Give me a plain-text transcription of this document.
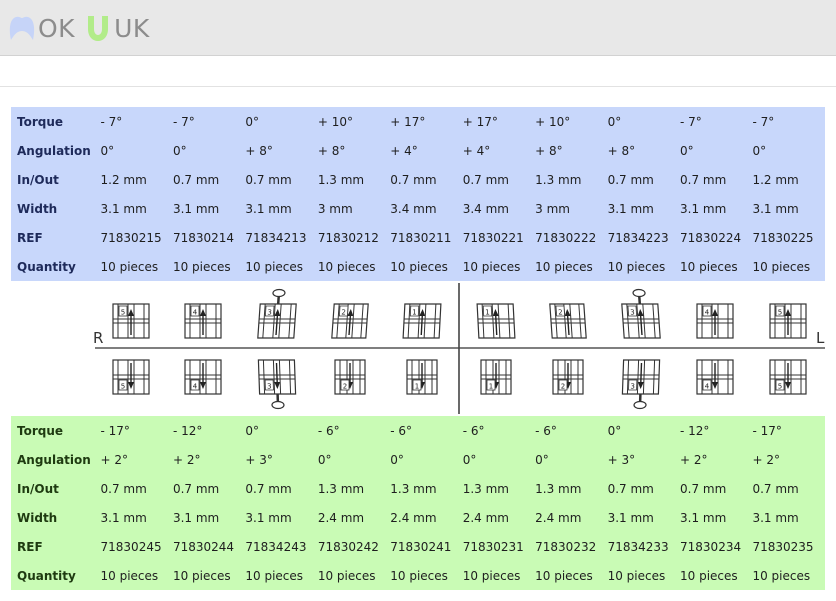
OK UK
Torque	- 7°	- 7°	0°	+ 10°	+ 17°	+ 17°	+ 10°	0°	- 7°	- 7°
Angulation	0°	0°	+ 8°	+ 8°	+ 4°	+ 4°	+ 8°	+ 8°	0°	0°
In/Out	1.2 mm	0.7 mm	0.7 mm	1.3 mm	0.7 mm	0.7 mm	1.3 mm	0.7 mm	0.7 mm	1.2 mm
Width	3.1 mm	3.1 mm	3.1 mm	3 mm	3.4 mm	3.4 mm	3 mm	3.1 mm	3.1 mm	3.1 mm
REF	71830215	71830214	71834213	71830212	71830211	71830221	71830222	71834223	71830224	71830225
Quantity	10 pieces	10 pieces	10 pieces	10 pieces	10 pieces	10 pieces	10 pieces	10 pieces	10 pieces	10 pieces
R	L
5
5
4
4
3
3
2
2
1
1
1
1
2
2
3
3
4
4
5
5
Torque	- 17°	- 12°	0°	- 6°	- 6°	- 6°	- 6°	0°	- 12°	- 17°
Angulation	+ 2°	+ 2°	+ 3°	0°	0°	0°	0°	+ 3°	+ 2°	+ 2°
In/Out	0.7 mm	0.7 mm	0.7 mm	1.3 mm	1.3 mm	1.3 mm	1.3 mm	0.7 mm	0.7 mm	0.7 mm
Width	3.1 mm	3.1 mm	3.1 mm	2.4 mm	2.4 mm	2.4 mm	2.4 mm	3.1 mm	3.1 mm	3.1 mm
REF	71830245	71830244	71834243	71830242	71830241	71830231	71830232	71834233	71830234	71830235
Quantity	10 pieces	10 pieces	10 pieces	10 pieces	10 pieces	10 pieces	10 pieces	10 pieces	10 pieces	10 pieces
